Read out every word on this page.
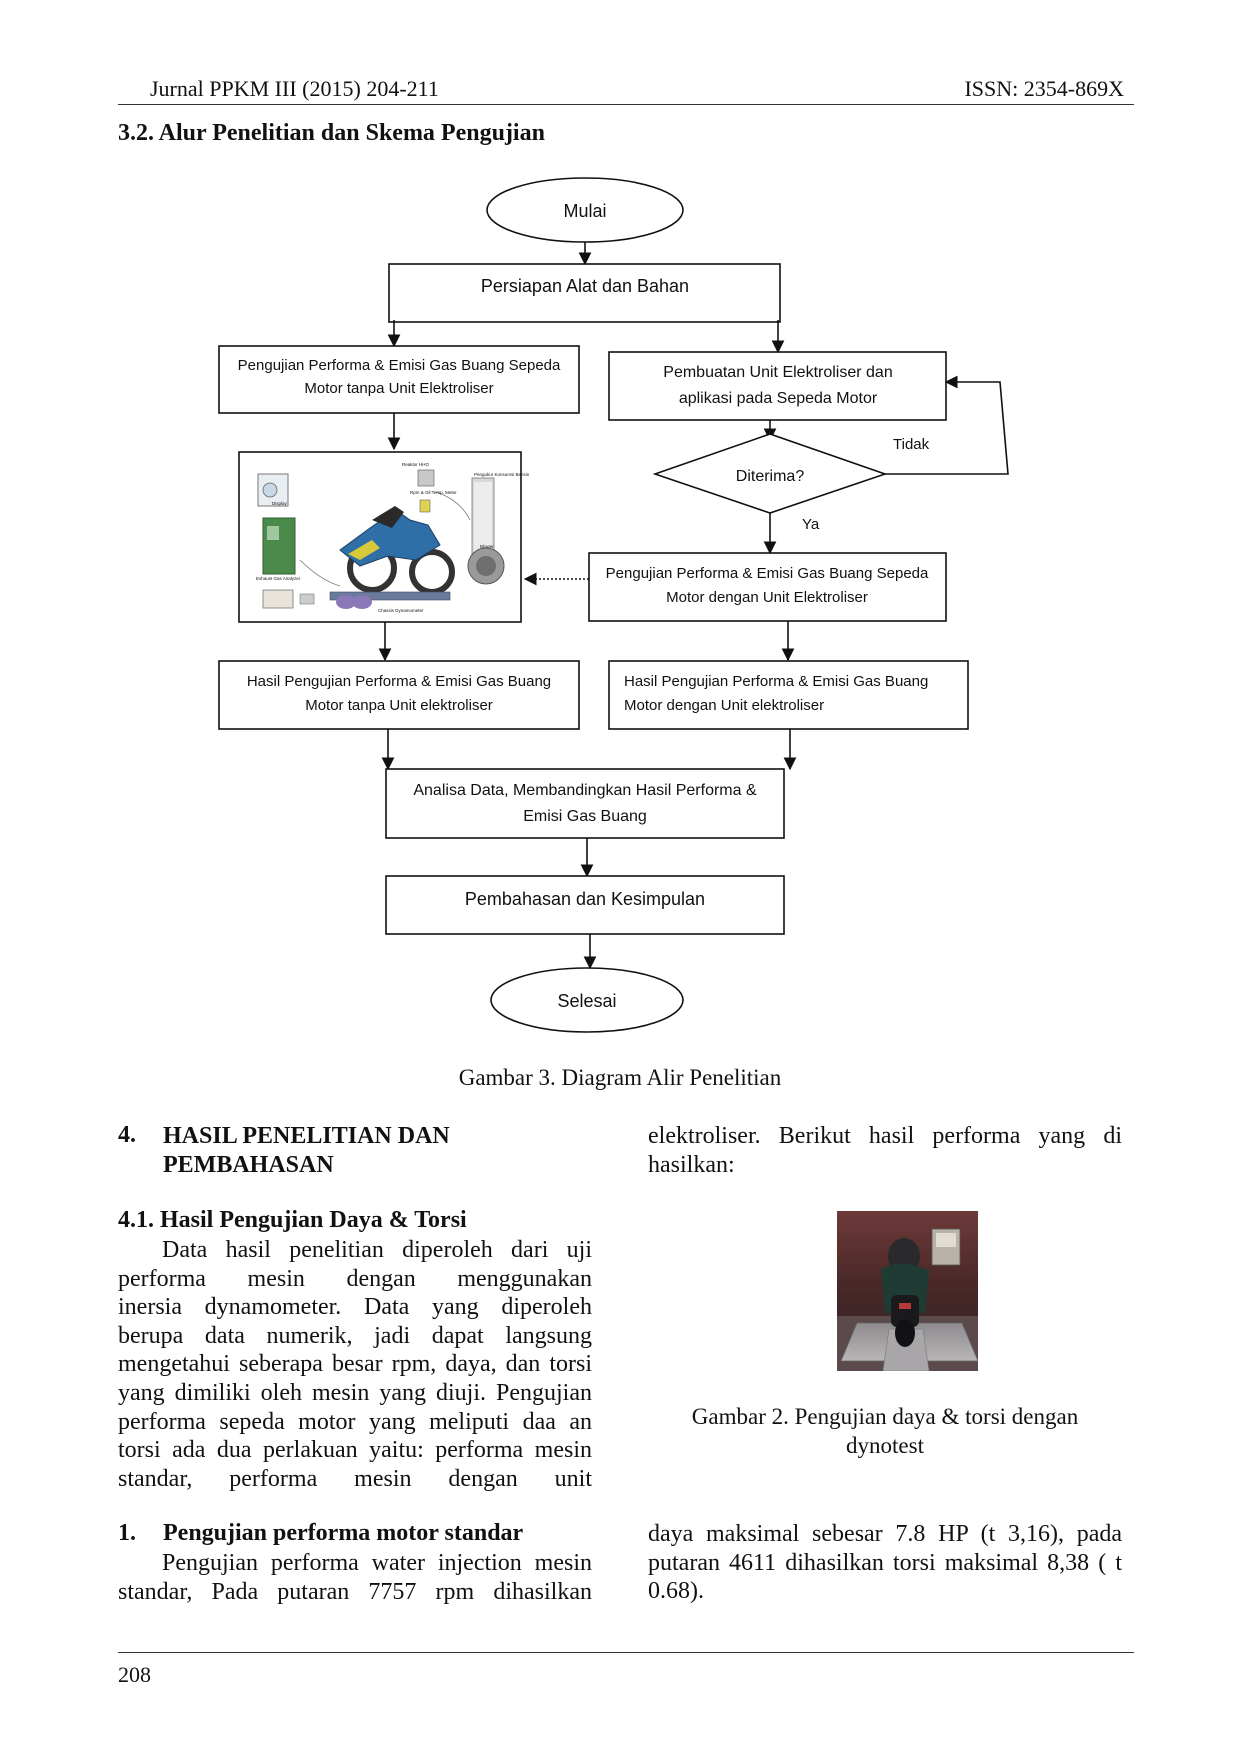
Jurnal PPKM III (2015) 204-211	ISSN: 2354-869X
3.2. Alur Penelitian dan Skema Pengujian
Mulai
Persiapan Alat dan Bahan
Pengujian Performa & Emisi Gas Buang Sepeda
Motor tanpa Unit Elektroliser
Pembuatan Unit Elektroliser dan
aplikasi pada Sepeda Motor
Diterima?
Tidak
Ya
Display
Exhaust Gas Analyzer
Reaktor HHO
Rpm & Oil Temp. Meter
Chassis Dynamometer
Blower
Pengukur Konsumsi Bensin
Pengujian Performa & Emisi Gas Buang Sepeda
Motor dengan Unit Elektroliser
Hasil Pengujian Performa & Emisi Gas Buang
Motor tanpa Unit elektroliser
Hasil Pengujian Performa & Emisi Gas Buang
Motor dengan Unit elektroliser
Analisa Data, Membandingkan Hasil Performa &
Emisi Gas Buang
Pembahasan dan Kesimpulan
Selesai
Gambar 3. Diagram Alir Penelitian
4. HASIL PENELITIAN DAN
PEMBAHASAN
4.1. Hasil Pengujian Daya & Torsi
Data hasil penelitian diperoleh dari uji
performa mesin dengan menggunakan
inersia dynamometer. Data yang diperoleh
berupa data numerik, jadi dapat langsung
mengetahui seberapa besar rpm, daya, dan torsi
yang dimiliki oleh mesin yang diuji. Pengujian
performa sepeda motor yang meliputi daa an
torsi ada dua perlakuan yaitu: performa mesin
standar, performa mesin dengan unit
1. Pengujian performa motor standar
Pengujian performa water injection mesin
standar, Pada putaran 7757 rpm dihasilkan
elektroliser. Berikut hasil performa yang di
hasilkan:
Gambar 2. Pengujian daya & torsi dengan
dynotest
daya maksimal sebesar 7.8 HP (t 3,16), pada
putaran 4611 dihasilkan torsi maksimal 8,38 ( t
0.68).
208
